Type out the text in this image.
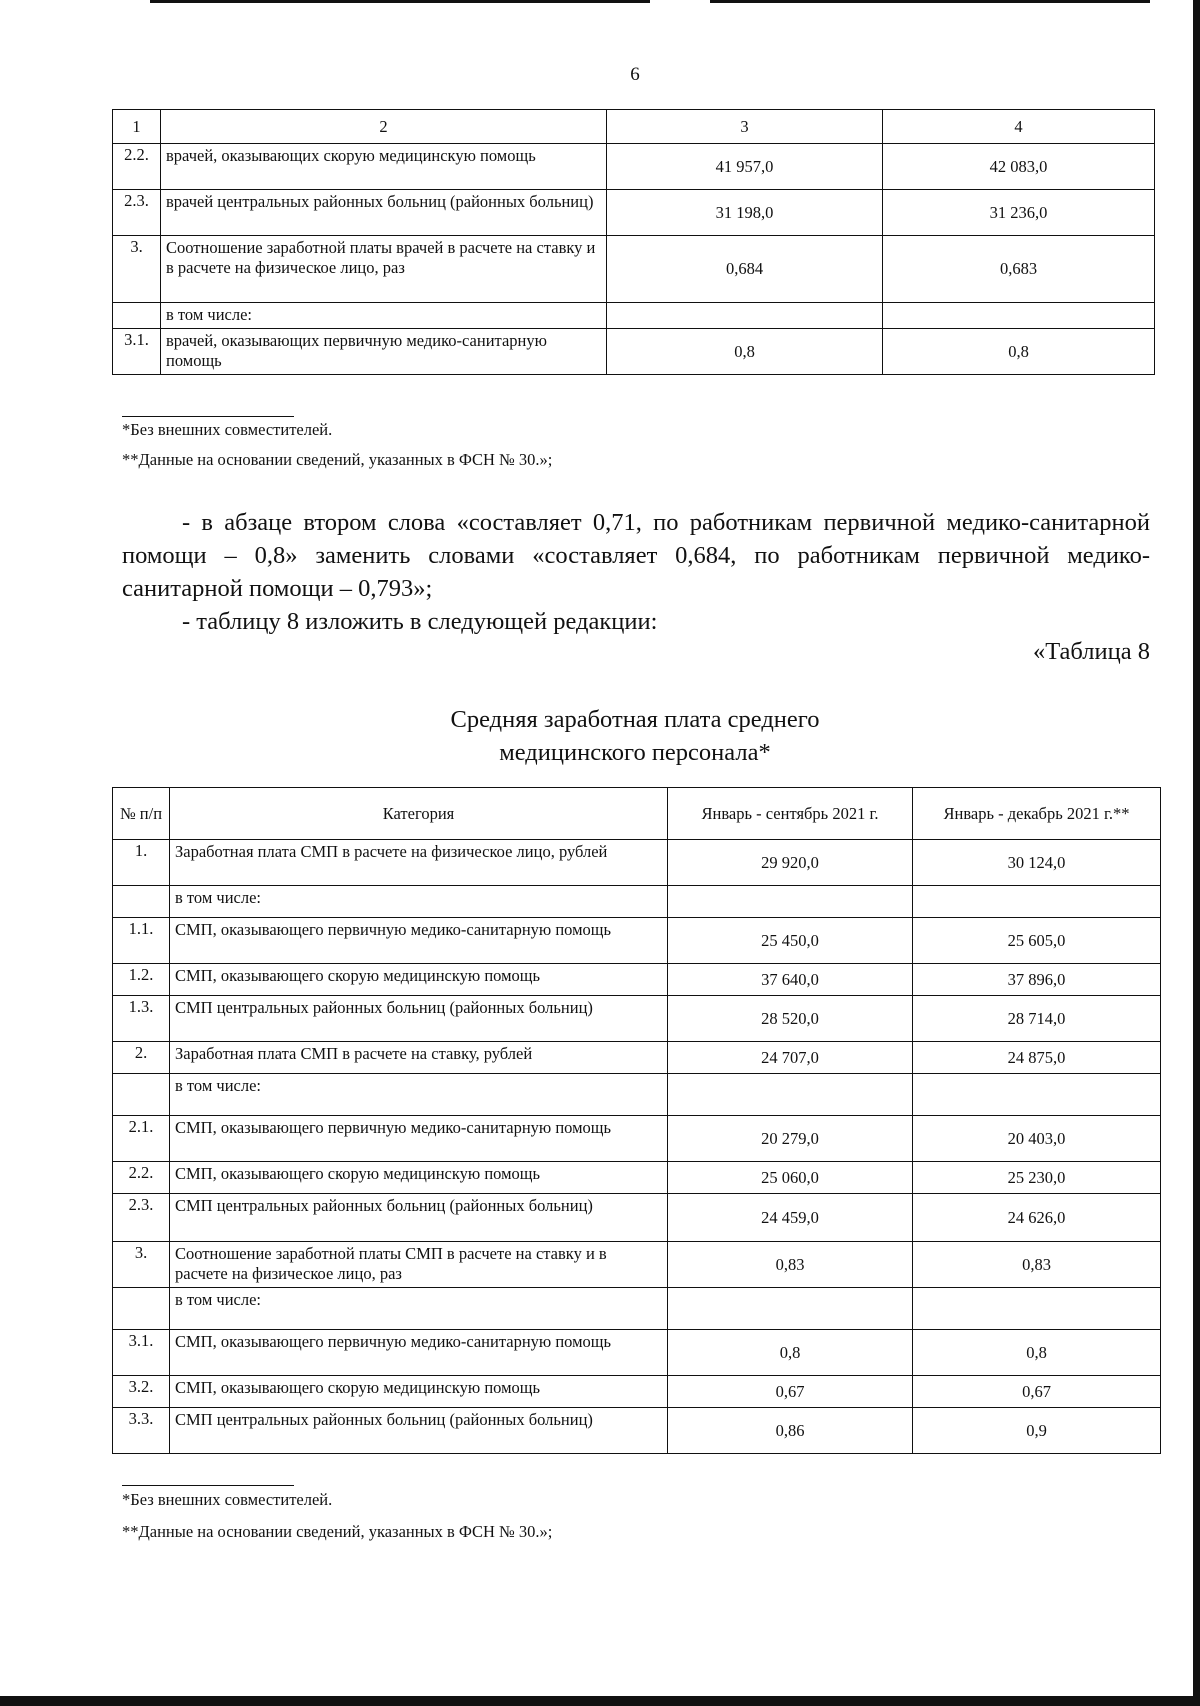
6
1	2	3	4
2.2.	врачей, оказывающих скорую медицинскую помощь	41 957,0	42 083,0
2.3.	врачей центральных районных больниц (районных больниц)	31 198,0	31 236,0
3.	Соотношение заработной платы врачей в расчете на ставку и в расчете на физическое лицо, раз	0,684	0,683
	в том числе:		
3.1.	врачей, оказывающих первичную медико-санитарную помощь	0,8	0,8
*Без внешних совместителей.
**Данные на основании сведений, указанных в ФСН № 30.»;

- в абзаце втором слова «составляет 0,71, по работникам первичной медико-санитарной помощи – 0,8» заменить словами «составляет 0,684, по работникам первичной медико-санитарной помощи – 0,793»;

- таблицу 8 изложить в следующей редакции:
«Таблица 8
Средняя заработная плата среднего
медицинского персонала*
№ п/п	Категория	Январь - сентябрь 2021 г.	Январь - декабрь 2021 г.**
1.	Заработная плата СМП в расчете на физическое лицо, рублей	29 920,0	30 124,0
	в том числе:		
1.1.	СМП, оказывающего первичную медико-санитарную помощь	25 450,0	25 605,0
1.2.	СМП, оказывающего скорую медицинскую помощь	37 640,0	37 896,0
1.3.	СМП центральных районных больниц (районных больниц)	28 520,0	28 714,0
2.	Заработная плата СМП в расчете на ставку, рублей	24 707,0	24 875,0
	в том числе:		
2.1.	СМП, оказывающего первичную медико-санитарную помощь	20 279,0	20 403,0
2.2.	СМП, оказывающего скорую медицинскую помощь	25 060,0	25 230,0
2.3.	СМП центральных районных больниц (районных больниц)	24 459,0	24 626,0
3.	Соотношение заработной платы СМП в расчете на ставку и в расчете на физическое лицо, раз	0,83	0,83
	в том числе:		
3.1.	СМП, оказывающего первичную медико-санитарную помощь	0,8	0,8
3.2.	СМП, оказывающего скорую медицинскую помощь	0,67	0,67
3.3.	СМП центральных районных больниц (районных больниц)	0,86	0,9
*Без внешних совместителей.
**Данные на основании сведений, указанных в ФСН № 30.»;
